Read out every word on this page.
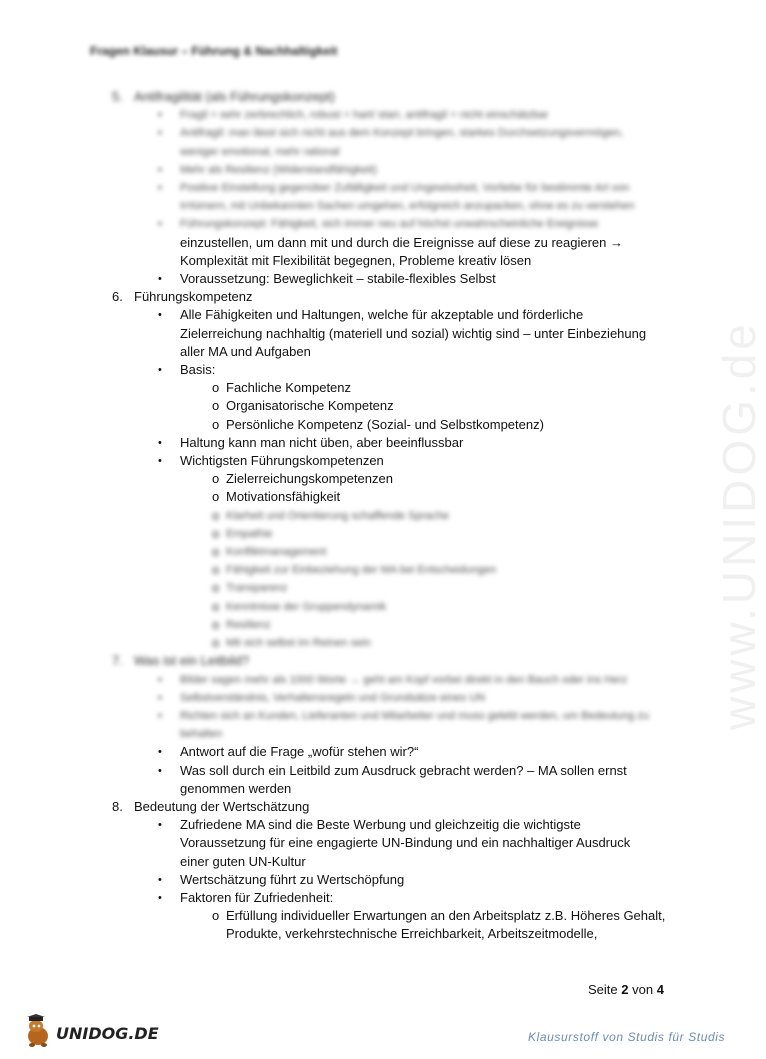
www.UNIDOG.de
Fragen Klausur – Führung & Nachhaltigkeit
5. Antifragilität (als Führungskonzept)
•	Fragil = sehr zerbrechlich, robust = hart/ starr, antifragil = nicht einschätzbar
•	Antifragil: man lässt sich nicht aus dem Konzept bringen, starkes Durchsetzungsvermögen, weniger emotional, mehr rational
•	Mehr als Resilienz (Widerstandfähigkeit)
•	Positive Einstellung gegenüber Zufälligkeit und Ungewissheit, Vorliebe für bestimmte Art von Irrtümern, mit Unbekannten Sachen umgehen, erfolgreich anzupacken, ohne es zu verstehen
•	Führungskonzept: Fähigkeit, sich immer neu auf höchst unwahrscheinliche Ereignisse
einzustellen, um dann mit und durch die Ereignisse auf diese zu reagieren →
Komplexität mit Flexibilität begegnen, Probleme kreativ lösen
•	Voraussetzung: Beweglichkeit – stabile-flexibles Selbst
6. Führungskompetenz
•	Alle Fähigkeiten und Haltungen, welche für akzeptable und förderliche Zielerreichung nachhaltig (materiell und sozial) wichtig sind – unter Einbeziehung aller MA und Aufgaben
•	Basis:
o Fachliche Kompetenz
o Organisatorische Kompetenz
o Persönliche Kompetenz (Sozial- und Selbstkompetenz)
•	Haltung kann man nicht üben, aber beeinflussbar
•	Wichtigsten Führungskompetenzen
o Zielerreichungskompetenzen
o Motivationsfähigkeit
o Klarheit und Orientierung schaffende Sprache
o Empathie
o Konfliktmanagement
o Fähigkeit zur Einbeziehung der MA bei Entscheidungen
o Transparenz
o Kenntnisse der Gruppendynamik
o Resilienz
o Mit sich selbst im Reinen sein
7. Was ist ein Leitbild?
•	Bilder sagen mehr als 1000 Worte → geht am Kopf vorbei direkt in den Bauch oder ins Herz
•	Selbstverständnis, Verhaltensregeln und Grundsätze eines UN
•	Richten sich an Kunden, Lieferanten und Mitarbeiter und muss gelebt werden, um Bedeutung zu behalten
•	Antwort auf die Frage „wofür stehen wir?“
•	Was soll durch ein Leitbild zum Ausdruck gebracht werden? – MA sollen ernst genommen werden
8. Bedeutung der Wertschätzung
•	Zufriedene MA sind die Beste Werbung und gleichzeitig die wichtigste Voraussetzung für eine engagierte UN-Bindung und ein nachhaltiger Ausdruck einer guten UN-Kultur
•	Wertschätzung führt zu Wertschöpfung
•	Faktoren für Zufriedenheit:
o Erfüllung individueller Erwartungen an den Arbeitsplatz z.B. Höheres Gehalt, Produkte, verkehrstechnische Erreichbarkeit, Arbeitszeitmodelle,
Seite 2 von 4
UNIDOG.DE	Klausurstoff von Studis für Studis
